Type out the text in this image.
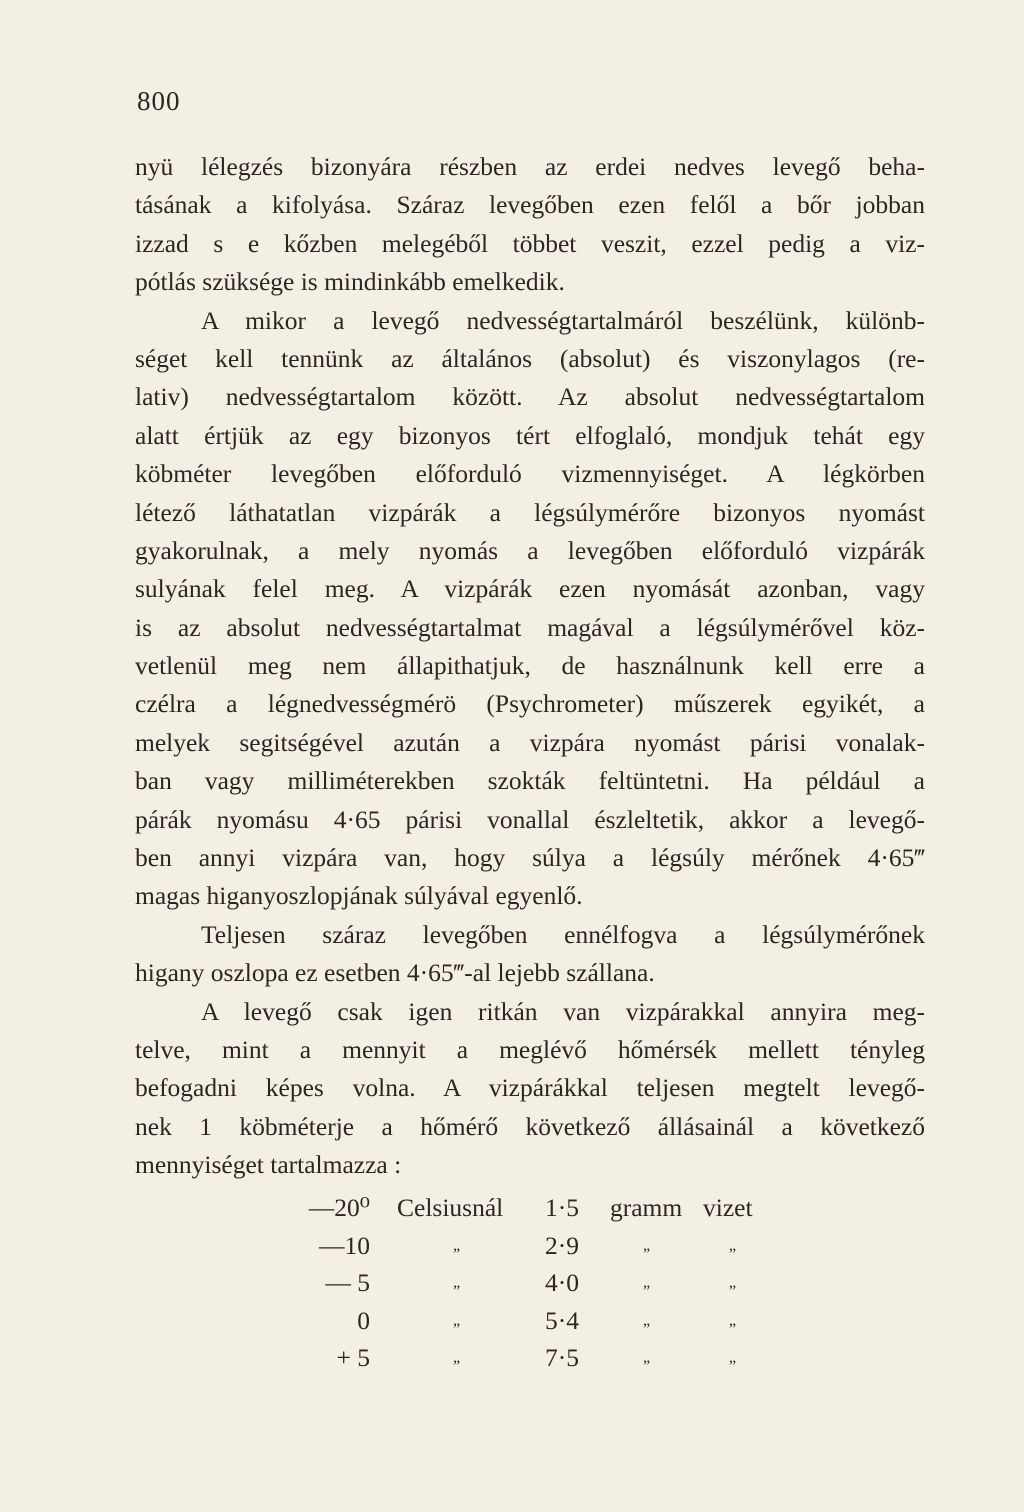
800
nyü lélegzés bizonyára részben az erdei nedves levegő beha-
tásának a kifolyása. Száraz levegőben ezen felől a bőr jobban
izzad s e kőzben melegéből többet veszit, ezzel pedig a viz-
pótlás szüksége is mindinkább emelkedik.
A mikor a levegő nedvességtartalmáról beszélünk, különb-
séget kell tennünk az általános (absolut) és viszonylagos (re-
lativ) nedvességtartalom között. Az absolut nedvességtartalom
alatt értjük az egy bizonyos tért elfoglaló, mondjuk tehát egy
köbméter levegőben előforduló vizmennyiséget. A légkörben
létező láthatatlan vizpárák a légsúlymérőre bizonyos nyomást
gyakorulnak, a mely nyomás a levegőben előforduló vizpárák
sulyának felel meg. A vizpárák ezen nyomását azonban, vagy
is az absolut nedvességtartalmat magával a légsúlymérővel köz-
vetlenül meg nem állapithatjuk, de használnunk kell erre a
czélra a légnedvességmérö (Psychrometer) műszerek egyikét, a
melyek segitségével azután a vizpára nyomást párisi vonalak-
ban vagy milliméterekben szokták feltüntetni. Ha például a
párák nyomásu 4·65 párisi vonallal észleltetik, akkor a levegő-
ben annyi vizpára van, hogy súlya a légsúly mérőnek 4·65‴
magas higanyoszlopjának súlyával egyenlő.
Teljesen száraz levegőben ennélfogva a légsúlymérőnek
higany oszlopa ez esetben 4·65‴-al lejebb szállana.
A levegő csak igen ritkán van vizpárakkal annyira meg-
telve, mint a mennyit a meglévő hőmérsék mellett tényleg
befogadni képes volna. A vizpárákkal teljesen megtelt levegő-
nek 1 köbméterje a hőmérő következő állásainál a következő
mennyiséget tartalmazza :
—20⁰ Celsiusnál 1·5 gramm vizet
—10	„	2·9	„	„
— 5	„	4·0	„	„
0	„	5·4	„	„
+ 5	„	7·5	„	„
